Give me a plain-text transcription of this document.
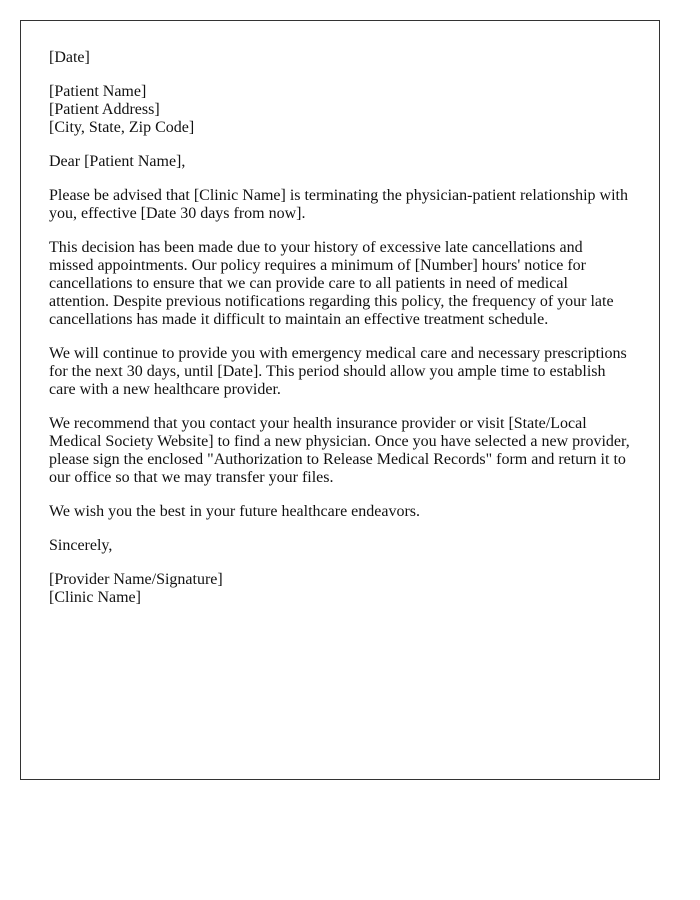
[Date]

[Patient Name]
[Patient Address]
[City, State, Zip Code]

Dear [Patient Name],

Please be advised that [Clinic Name] is terminating the physician-patient relationship with you, effective [Date 30 days from now].

This decision has been made due to your history of excessive late cancellations and missed appointments. Our policy requires a minimum of [Number] hours' notice for cancellations to ensure that we can provide care to all patients in need of medical attention. Despite previous notifications regarding this policy, the frequency of your late cancellations has made it difficult to maintain an effective treatment schedule.

We will continue to provide you with emergency medical care and necessary prescriptions for the next 30 days, until [Date]. This period should allow you ample time to establish care with a new healthcare provider.

We recommend that you contact your health insurance provider or visit [State/Local Medical Society Website] to find a new physician. Once you have selected a new provider, please sign the enclosed "Authorization to Release Medical Records" form and return it to our office so that we may transfer your files.

We wish you the best in your future healthcare endeavors.

Sincerely,

[Provider Name/Signature]
[Clinic Name]
